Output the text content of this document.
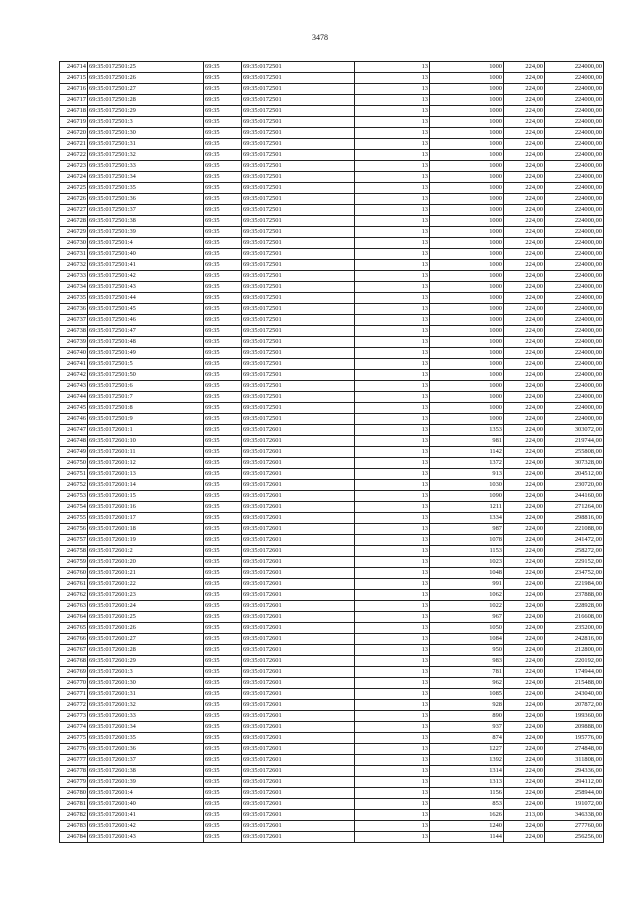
3478
246714	69:35:0172501:25	69:35	69:35:0172501	13	1000	224,00	224000,00
246715	69:35:0172501:26	69:35	69:35:0172501	13	1000	224,00	224000,00
246716	69:35:0172501:27	69:35	69:35:0172501	13	1000	224,00	224000,00
246717	69:35:0172501:28	69:35	69:35:0172501	13	1000	224,00	224000,00
246718	69:35:0172501:29	69:35	69:35:0172501	13	1000	224,00	224000,00
246719	69:35:0172501:3	69:35	69:35:0172501	13	1000	224,00	224000,00
246720	69:35:0172501:30	69:35	69:35:0172501	13	1000	224,00	224000,00
246721	69:35:0172501:31	69:35	69:35:0172501	13	1000	224,00	224000,00
246722	69:35:0172501:32	69:35	69:35:0172501	13	1000	224,00	224000,00
246723	69:35:0172501:33	69:35	69:35:0172501	13	1000	224,00	224000,00
246724	69:35:0172501:34	69:35	69:35:0172501	13	1000	224,00	224000,00
246725	69:35:0172501:35	69:35	69:35:0172501	13	1000	224,00	224000,00
246726	69:35:0172501:36	69:35	69:35:0172501	13	1000	224,00	224000,00
246727	69:35:0172501:37	69:35	69:35:0172501	13	1000	224,00	224000,00
246728	69:35:0172501:38	69:35	69:35:0172501	13	1000	224,00	224000,00
246729	69:35:0172501:39	69:35	69:35:0172501	13	1000	224,00	224000,00
246730	69:35:0172501:4	69:35	69:35:0172501	13	1000	224,00	224000,00
246731	69:35:0172501:40	69:35	69:35:0172501	13	1000	224,00	224000,00
246732	69:35:0172501:41	69:35	69:35:0172501	13	1000	224,00	224000,00
246733	69:35:0172501:42	69:35	69:35:0172501	13	1000	224,00	224000,00
246734	69:35:0172501:43	69:35	69:35:0172501	13	1000	224,00	224000,00
246735	69:35:0172501:44	69:35	69:35:0172501	13	1000	224,00	224000,00
246736	69:35:0172501:45	69:35	69:35:0172501	13	1000	224,00	224000,00
246737	69:35:0172501:46	69:35	69:35:0172501	13	1000	224,00	224000,00
246738	69:35:0172501:47	69:35	69:35:0172501	13	1000	224,00	224000,00
246739	69:35:0172501:48	69:35	69:35:0172501	13	1000	224,00	224000,00
246740	69:35:0172501:49	69:35	69:35:0172501	13	1000	224,00	224000,00
246741	69:35:0172501:5	69:35	69:35:0172501	13	1000	224,00	224000,00
246742	69:35:0172501:50	69:35	69:35:0172501	13	1000	224,00	224000,00
246743	69:35:0172501:6	69:35	69:35:0172501	13	1000	224,00	224000,00
246744	69:35:0172501:7	69:35	69:35:0172501	13	1000	224,00	224000,00
246745	69:35:0172501:8	69:35	69:35:0172501	13	1000	224,00	224000,00
246746	69:35:0172501:9	69:35	69:35:0172501	13	1000	224,00	224000,00
246747	69:35:0172601:1	69:35	69:35:0172601	13	1353	224,00	303072,00
246748	69:35:0172601:10	69:35	69:35:0172601	13	981	224,00	219744,00
246749	69:35:0172601:11	69:35	69:35:0172601	13	1142	224,00	255808,00
246750	69:35:0172601:12	69:35	69:35:0172601	13	1372	224,00	307328,00
246751	69:35:0172601:13	69:35	69:35:0172601	13	913	224,00	204512,00
246752	69:35:0172601:14	69:35	69:35:0172601	13	1030	224,00	230720,00
246753	69:35:0172601:15	69:35	69:35:0172601	13	1090	224,00	244160,00
246754	69:35:0172601:16	69:35	69:35:0172601	13	1211	224,00	271264,00
246755	69:35:0172601:17	69:35	69:35:0172601	13	1334	224,00	298816,00
246756	69:35:0172601:18	69:35	69:35:0172601	13	987	224,00	221088,00
246757	69:35:0172601:19	69:35	69:35:0172601	13	1078	224,00	241472,00
246758	69:35:0172601:2	69:35	69:35:0172601	13	1153	224,00	258272,00
246759	69:35:0172601:20	69:35	69:35:0172601	13	1023	224,00	229152,00
246760	69:35:0172601:21	69:35	69:35:0172601	13	1048	224,00	234752,00
246761	69:35:0172601:22	69:35	69:35:0172601	13	991	224,00	221984,00
246762	69:35:0172601:23	69:35	69:35:0172601	13	1062	224,00	237888,00
246763	69:35:0172601:24	69:35	69:35:0172601	13	1022	224,00	228928,00
246764	69:35:0172601:25	69:35	69:35:0172601	13	967	224,00	216608,00
246765	69:35:0172601:26	69:35	69:35:0172601	13	1050	224,00	235200,00
246766	69:35:0172601:27	69:35	69:35:0172601	13	1084	224,00	242816,00
246767	69:35:0172601:28	69:35	69:35:0172601	13	950	224,00	212800,00
246768	69:35:0172601:29	69:35	69:35:0172601	13	983	224,00	220192,00
246769	69:35:0172601:3	69:35	69:35:0172601	13	781	224,00	174944,00
246770	69:35:0172601:30	69:35	69:35:0172601	13	962	224,00	215488,00
246771	69:35:0172601:31	69:35	69:35:0172601	13	1085	224,00	243040,00
246772	69:35:0172601:32	69:35	69:35:0172601	13	928	224,00	207872,00
246773	69:35:0172601:33	69:35	69:35:0172601	13	890	224,00	199360,00
246774	69:35:0172601:34	69:35	69:35:0172601	13	937	224,00	209888,00
246775	69:35:0172601:35	69:35	69:35:0172601	13	874	224,00	195776,00
246776	69:35:0172601:36	69:35	69:35:0172601	13	1227	224,00	274848,00
246777	69:35:0172601:37	69:35	69:35:0172601	13	1392	224,00	311808,00
246778	69:35:0172601:38	69:35	69:35:0172601	13	1314	224,00	294336,00
246779	69:35:0172601:39	69:35	69:35:0172601	13	1313	224,00	294112,00
246780	69:35:0172601:4	69:35	69:35:0172601	13	1156	224,00	258944,00
246781	69:35:0172601:40	69:35	69:35:0172601	13	853	224,00	191072,00
246782	69:35:0172601:41	69:35	69:35:0172601	13	1626	213,00	346338,00
246783	69:35:0172601:42	69:35	69:35:0172601	13	1240	224,00	277760,00
246784	69:35:0172601:43	69:35	69:35:0172601	13	1144	224,00	256256,00
